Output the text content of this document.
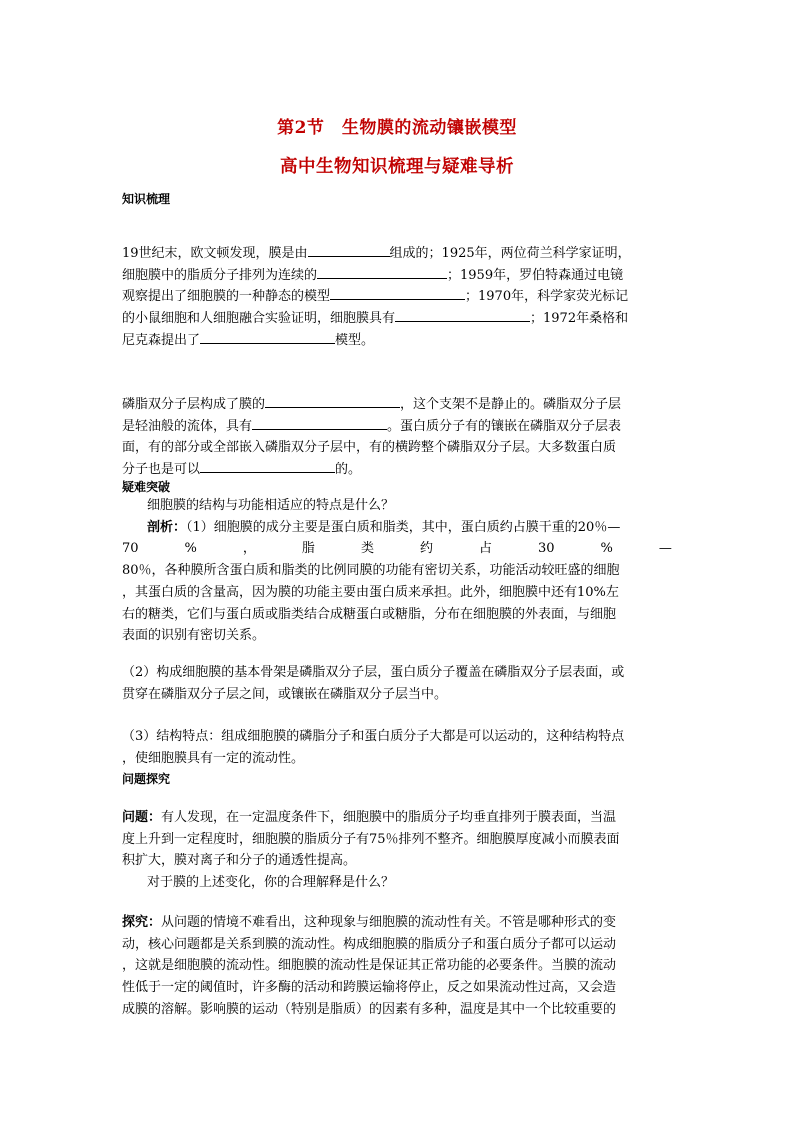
第2节　生物膜的流动镶嵌模型
高中生物知识梳理与疑难导析
知识梳理
19世纪末，欧文顿发现，膜是由	组成的；1925年，两位荷兰科学家证明，
细胞膜中的脂质分子排列为连续的	；1959年，罗伯特森通过电镜
观察提出了细胞膜的一种静态的模型	；1970年，科学家荧光标记
的小鼠细胞和人细胞融合实验证明，细胞膜具有	；1972年桑格和
尼克森提出了	模型。
磷脂双分子层构成了膜的	，这个支架不是静止的。磷脂双分子层
是轻油般的流体，具有	。蛋白质分子有的镶嵌在磷脂双分子层表
面，有的部分或全部嵌入磷脂双分子层中，有的横跨整个磷脂双分子层。大多数蛋白质
分子也是可以	的。
疑难突破
细胞膜的结构与功能相适应的特点是什么？
剖析：（1）细胞膜的成分主要是蛋白质和脂类，其中，蛋白质约占膜干重的20％—
70	%	，	脂	类	约	占	30	%	—
80％，各种膜所含蛋白质和脂类的比例同膜的功能有密切关系，功能活动较旺盛的细胞
，其蛋白质的含量高，因为膜的功能主要由蛋白质来承担。此外，细胞膜中还有10%左
右的糖类，它们与蛋白质或脂类结合成糖蛋白或糖脂，分布在细胞膜的外表面，与细胞
表面的识别有密切关系。
（2）构成细胞膜的基本骨架是磷脂双分子层，蛋白质分子覆盖在磷脂双分子层表面，或
贯穿在磷脂双分子层之间，或镶嵌在磷脂双分子层当中。
（3）结构特点：组成细胞膜的磷脂分子和蛋白质分子大都是可以运动的，这种结构特点
，使细胞膜具有一定的流动性。
问题探究
问题：有人发现，在一定温度条件下，细胞膜中的脂质分子均垂直排列于膜表面，当温
度上升到一定程度时，细胞膜的脂质分子有75％排列不整齐。细胞膜厚度减小而膜表面
积扩大，膜对离子和分子的通透性提高。
对于膜的上述变化，你的合理解释是什么？
探究：从问题的情境不难看出，这种现象与细胞膜的流动性有关。不管是哪种形式的变
动，核心问题都是关系到膜的流动性。构成细胞膜的脂质分子和蛋白质分子都可以运动
，这就是细胞膜的流动性。细胞膜的流动性是保证其正常功能的必要条件。当膜的流动
性低于一定的阈值时，许多酶的活动和跨膜运输将停止，反之如果流动性过高，又会造
成膜的溶解。影响膜的运动（特别是脂质）的因素有多种，温度是其中一个比较重要的
